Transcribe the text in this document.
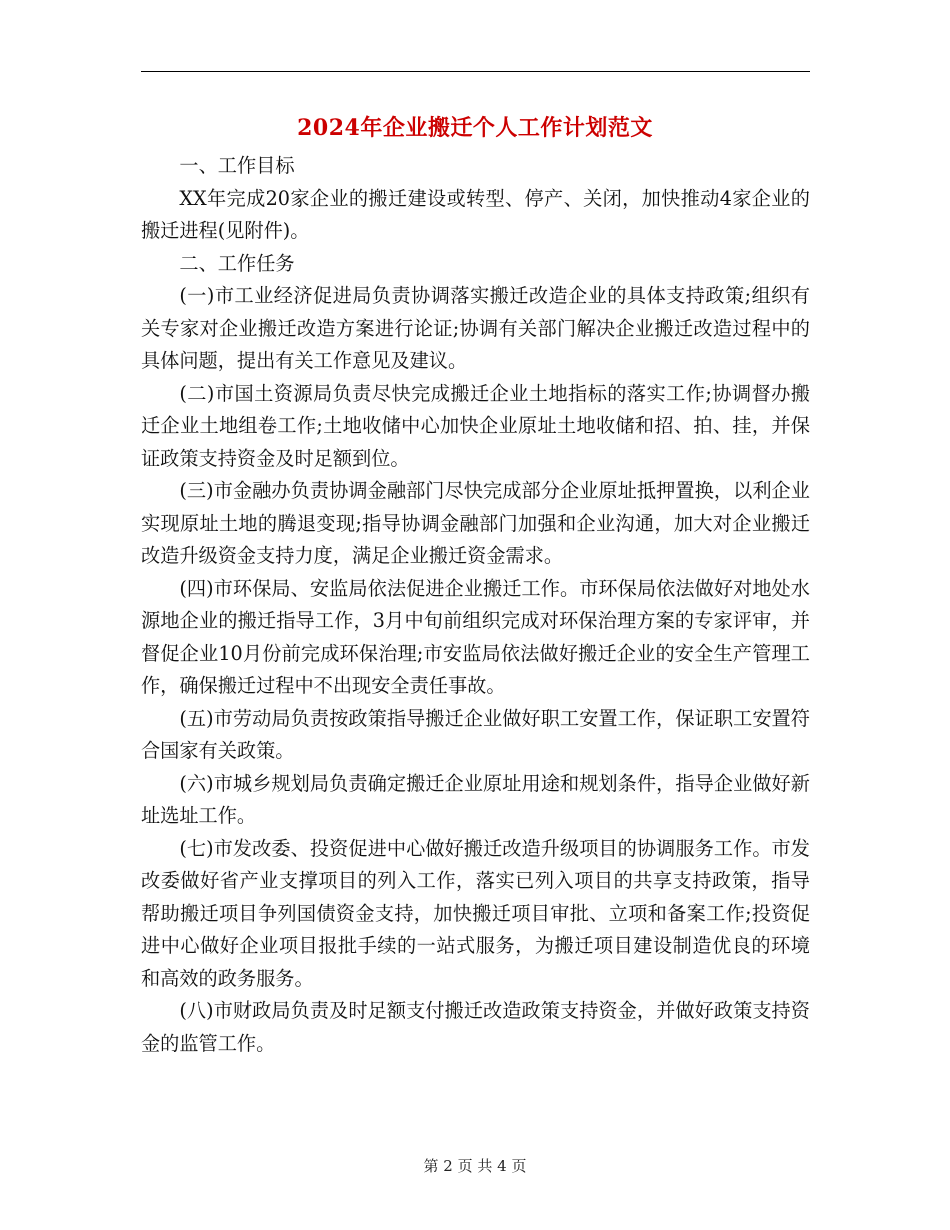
2024年企业搬迁个人工作计划范文

一、工作目标

XX年完成20家企业的搬迁建设或转型、停产、关闭，加快推动4家企业的搬迁进程(见附件)。

二、工作任务

(一)市工业经济促进局负责协调落实搬迁改造企业的具体支持政策;组织有关专家对企业搬迁改造方案进行论证;协调有关部门解决企业搬迁改造过程中的具体问题，提出有关工作意见及建议。

(二)市国土资源局负责尽快完成搬迁企业土地指标的落实工作;协调督办搬迁企业土地组卷工作;土地收储中心加快企业原址土地收储和招、拍、挂，并保证政策支持资金及时足额到位。

(三)市金融办负责协调金融部门尽快完成部分企业原址抵押置换，以利企业实现原址土地的腾退变现;指导协调金融部门加强和企业沟通，加大对企业搬迁改造升级资金支持力度，满足企业搬迁资金需求。

(四)市环保局、安监局依法促进企业搬迁工作。市环保局依法做好对地处水源地企业的搬迁指导工作，3月中旬前组织完成对环保治理方案的专家评审，并督促企业10月份前完成环保治理;市安监局依法做好搬迁企业的安全生产管理工作，确保搬迁过程中不出现安全责任事故。

(五)市劳动局负责按政策指导搬迁企业做好职工安置工作，保证职工安置符合国家有关政策。

(六)市城乡规划局负责确定搬迁企业原址用途和规划条件，指导企业做好新址选址工作。

(七)市发改委、投资促进中心做好搬迁改造升级项目的协调服务工作。市发改委做好省产业支撑项目的列入工作，落实已列入项目的共享支持政策，指导帮助搬迁项目争列国债资金支持，加快搬迁项目审批、立项和备案工作;投资促进中心做好企业项目报批手续的一站式服务，为搬迁项目建设制造优良的环境和高效的政务服务。

(八)市财政局负责及时足额支付搬迁改造政策支持资金，并做好政策支持资金的监管工作。

第 2 页 共 4 页
